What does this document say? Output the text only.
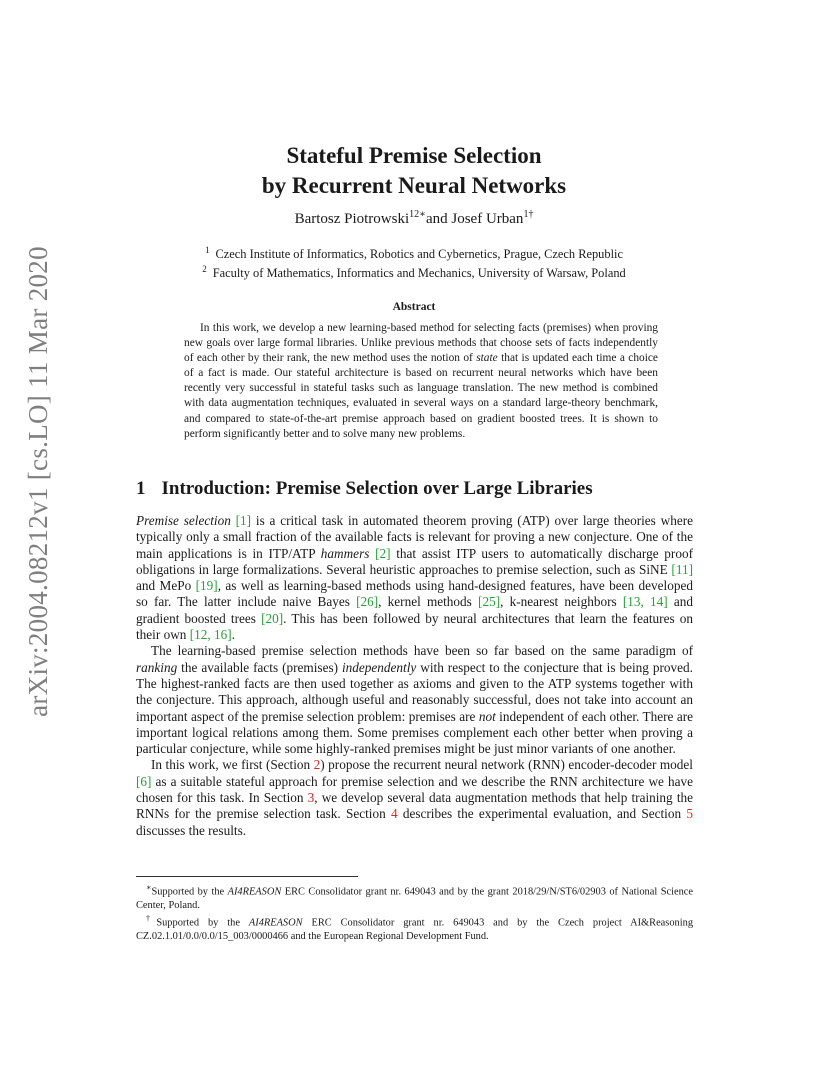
arXiv:2004.08212v1 [cs.LO] 11 Mar 2020
Stateful Premise Selection
by Recurrent Neural Networks
Bartosz Piotrowski$^{12∗}$and Josef Urban$^{1\dagger}$
$^1$ Czech Institute of Informatics, Robotics and Cybernetics, Prague, Czech Republic
$^2$ Faculty of Mathematics, Informatics and Mechanics, University of Warsaw, Poland
Abstract

In this work, we develop a new learning-based method for selecting facts (premises) when proving new goals over large formal libraries. Unlike previous methods that choose sets of facts independently of each other by their rank, the new method uses the notion of state that is updated each time a choice of a fact is made. Our stateful architecture is based on recurrent neural networks which have been recently very successful in stateful tasks such as language translation. The new method is combined with data augmentation techniques, evaluated in several ways on a standard large-theory benchmark, and compared to state-of-the-art premise approach based on gradient boosted trees. It is shown to perform significantly better and to solve many new problems.

1 Introduction: Premise Selection over Large Libraries

Premise selection [1] is a critical task in automated theorem proving (ATP) over large theories where typically only a small fraction of the available facts is relevant for proving a new conjecture. One of the main applications is in ITP/ATP hammers [2] that assist ITP users to automatically discharge proof obligations in large formalizations. Several heuristic approaches to premise selection, such as SiNE [11] and MePo [19], as well as learning-based methods using hand-designed features, have been developed so far. The latter include naive Bayes [26], kernel methods [25], k-nearest neighbors [13, 14] and gradient boosted trees [20]. This has been followed by neural architectures that learn the features on their own [12, 16].

The learning-based premise selection methods have been so far based on the same paradigm of ranking the available facts (premises) independently with respect to the conjecture that is being proved. The highest-ranked facts are then used together as axioms and given to the ATP systems together with the conjecture. This approach, although useful and reasonably successful, does not take into account an important aspect of the premise selection problem: premises are not independent of each other. There are important logical relations among them. Some premises complement each other better when proving a particular conjecture, while some highly-ranked premises might be just minor variants of one another.

In this work, we first (Section 2) propose the recurrent neural network (RNN) encoder-decoder model [6] as a suitable stateful approach for premise selection and we describe the RNN architecture we have chosen for this task. In Section 3, we develop several data augmentation methods that help training the RNNs for the premise selection task. Section 4 describes the experimental evaluation, and Section 5 discusses the results.

∗Supported by the AI4REASON ERC Consolidator grant nr. 649043 and by the grant 2018/29/N/ST6/02903 of National Science Center, Poland.

†Supported by the AI4REASON ERC Consolidator grant nr. 649043 and by the Czech project AI&Reasoning CZ.02.1.01/0.0/0.0/15_003/0000466 and the European Regional Development Fund.
